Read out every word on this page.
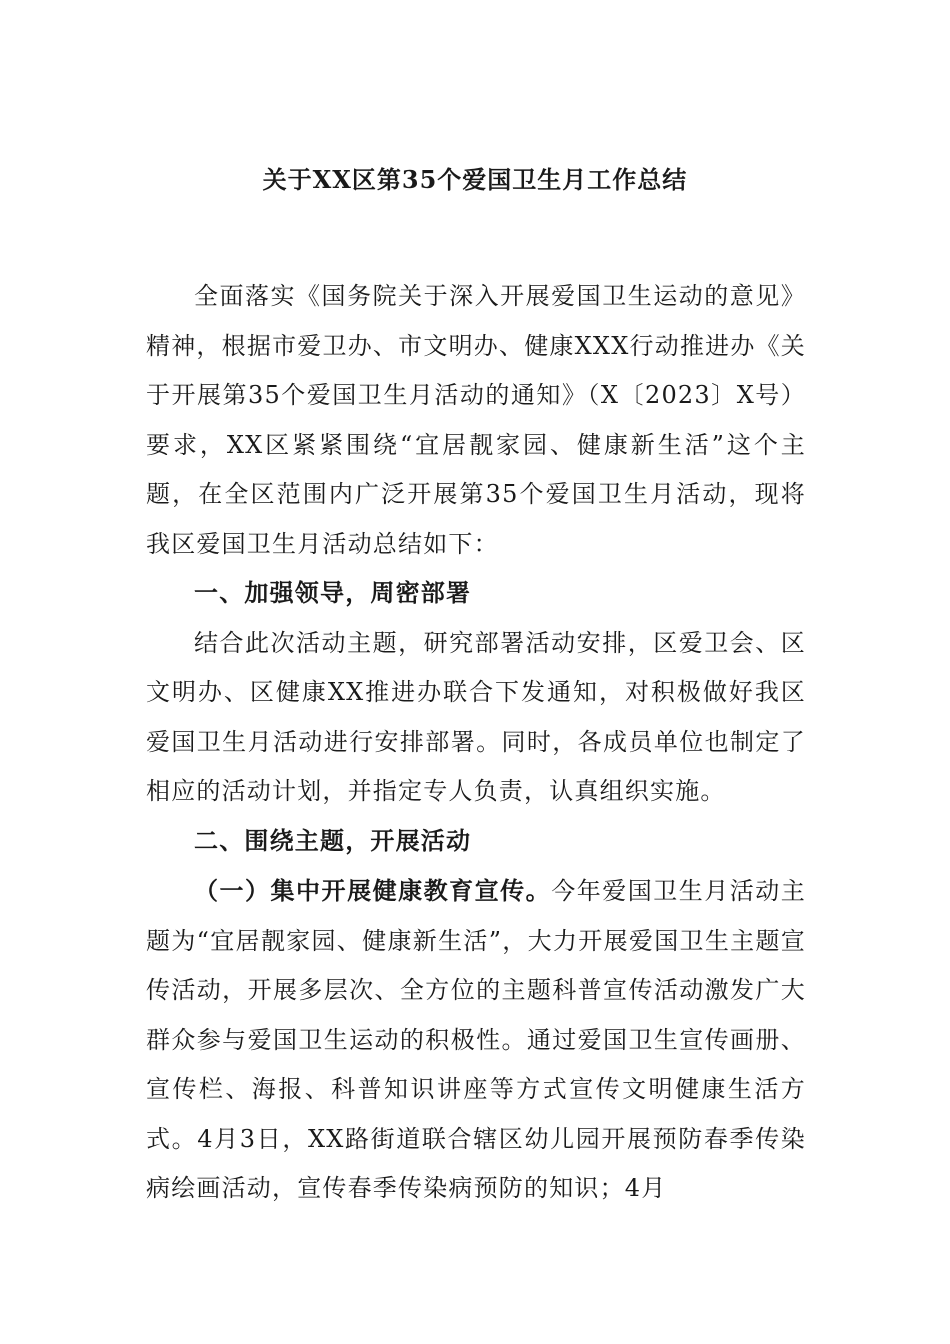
关于XX区第35个爱国卫生月工作总结

全面落实《国务院关于深入开展爱国卫生运动的意见》精神，根据市爱卫办、市文明办、健康XXX行动推进办《关于开展第35个爱国卫生月活动的通知》（X〔2023〕X号）要求，XX区紧紧围绕“宜居靓家园、健康新生活”这个主题，在全区范围内广泛开展第35个爱国卫生月活动，现将我区爱国卫生月活动总结如下：

一、加强领导，周密部署

结合此次活动主题，研究部署活动安排，区爱卫会、区文明办、区健康XX推进办联合下发通知，对积极做好我区爱国卫生月活动进行安排部署。同时，各成员单位也制定了相应的活动计划，并指定专人负责，认真组织实施。

二、围绕主题，开展活动

（一）集中开展健康教育宣传。今年爱国卫生月活动主题为“宜居靓家园、健康新生活”，大力开展爱国卫生主题宣传活动，开展多层次、全方位的主题科普宣传活动激发广大群众参与爱国卫生运动的积极性。通过爱国卫生宣传画册、宣传栏、海报、科普知识讲座等方式宣传文明健康生活方式。4月3日，XX路街道联合辖区幼儿园开展预防春季传染病绘画活动，宣传春季传染病预防的知识；4月
